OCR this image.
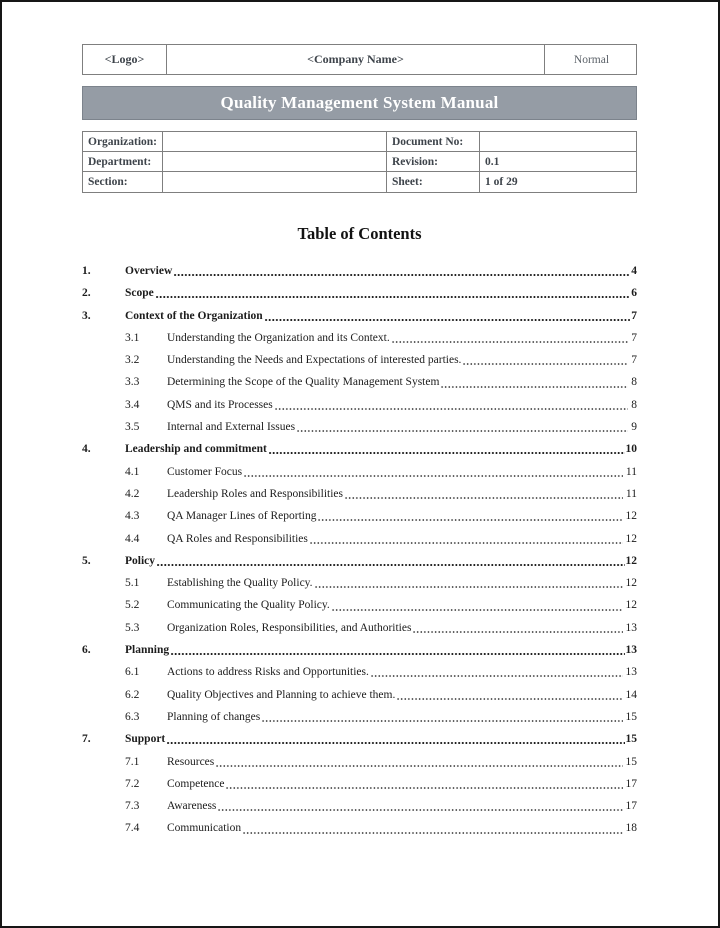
<Logo>	<Company Name>	Normal
Quality Management System Manual
Organization:	Document No:
Department:	Revision:	0.1
Section:	Sheet:	1 of 29
Table of Contents
1.	Overview	4
2.	Scope	6
3.	Context of the Organization	7
3.1	Understanding the Organization and its Context.	7
3.2	Understanding the Needs and Expectations of interested parties.	7
3.3	Determining the Scope of the Quality Management System	8
3.4	QMS and its Processes	8
3.5	Internal and External Issues	9
4.	Leadership and commitment	10
4.1	Customer Focus	11
4.2	Leadership Roles and Responsibilities	11
4.3	QA Manager Lines of Reporting	12
4.4	QA Roles and Responsibilities	12
5.	Policy	12
5.1	Establishing the Quality Policy.	12
5.2	Communicating the Quality Policy.	12
5.3	Organization Roles, Responsibilities, and Authorities	13
6.	Planning	13
6.1	Actions to address Risks and Opportunities.	13
6.2	Quality Objectives and Planning to achieve them.	14
6.3	Planning of changes	15
7.	Support	15
7.1	Resources	15
7.2	Competence	17
7.3	Awareness	17
7.4	Communication	18
